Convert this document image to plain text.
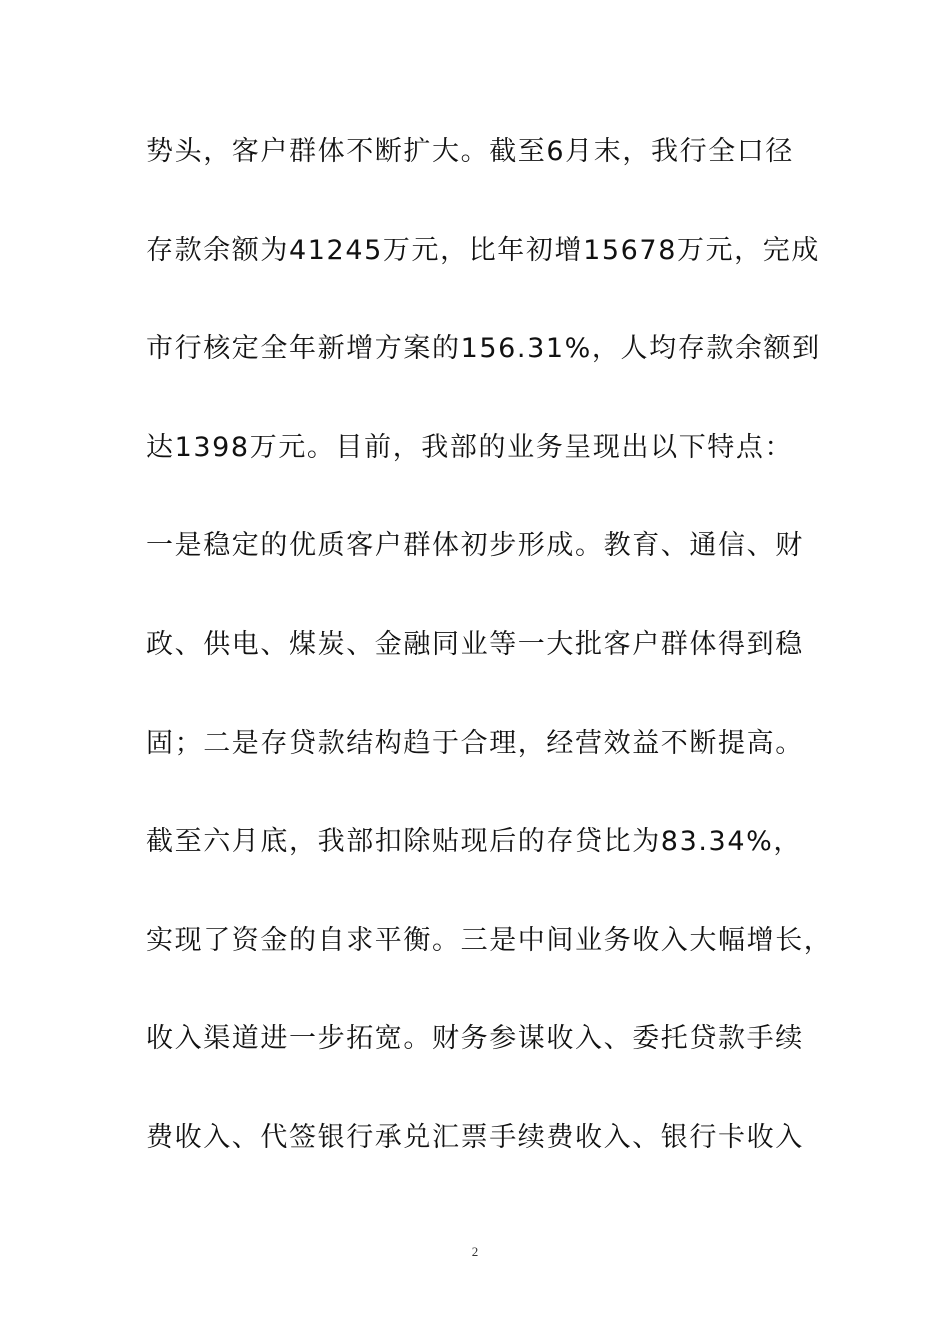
势头，客户群体不断扩大。截至6月末，我行全口径
存款余额为41245万元，比年初增15678万元，完成
市行核定全年新增方案的156.31%，人均存款余额到
达1398万元。目前，我部的业务呈现出以下特点：
一是稳定的优质客户群体初步形成。教育、通信、财
政、供电、煤炭、金融同业等一大批客户群体得到稳
固；二是存贷款结构趋于合理，经营效益不断提高。
截至六月底，我部扣除贴现后的存贷比为83.34%，
实现了资金的自求平衡。三是中间业务收入大幅增长，
收入渠道进一步拓宽。财务参谋收入、委托贷款手续
费收入、代签银行承兑汇票手续费收入、银行卡收入
2
